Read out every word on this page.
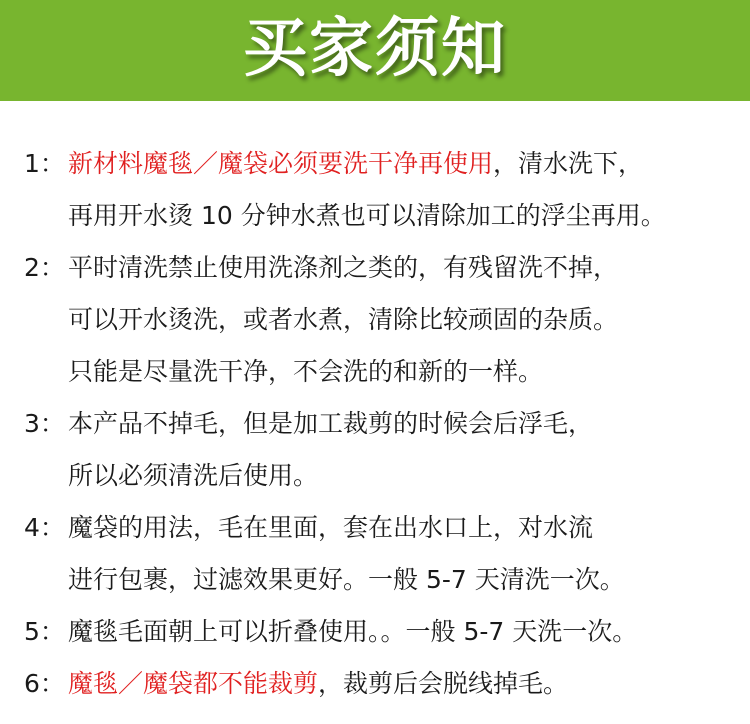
买家须知
1： 新材料魔毯／魔袋必须要洗干净再使用，清水洗下，
再用开水烫 10 分钟水煮也可以清除加工的浮尘再用。
2： 平时清洗禁止使用洗涤剂之类的，有残留洗不掉，
可以开水烫洗，或者水煮，清除比较顽固的杂质。
只能是尽量洗干净，不会洗的和新的一样。
3： 本产品不掉毛，但是加工裁剪的时候会后浮毛，
所以必须清洗后使用。
4： 魔袋的用法，毛在里面，套在出水口上，对水流
进行包裹，过滤效果更好。一般 5-7 天清洗一次。
5： 魔毯毛面朝上可以折叠使用。。一般 5-7 天洗一次。
6： 魔毯／魔袋都不能裁剪，裁剪后会脱线掉毛。
